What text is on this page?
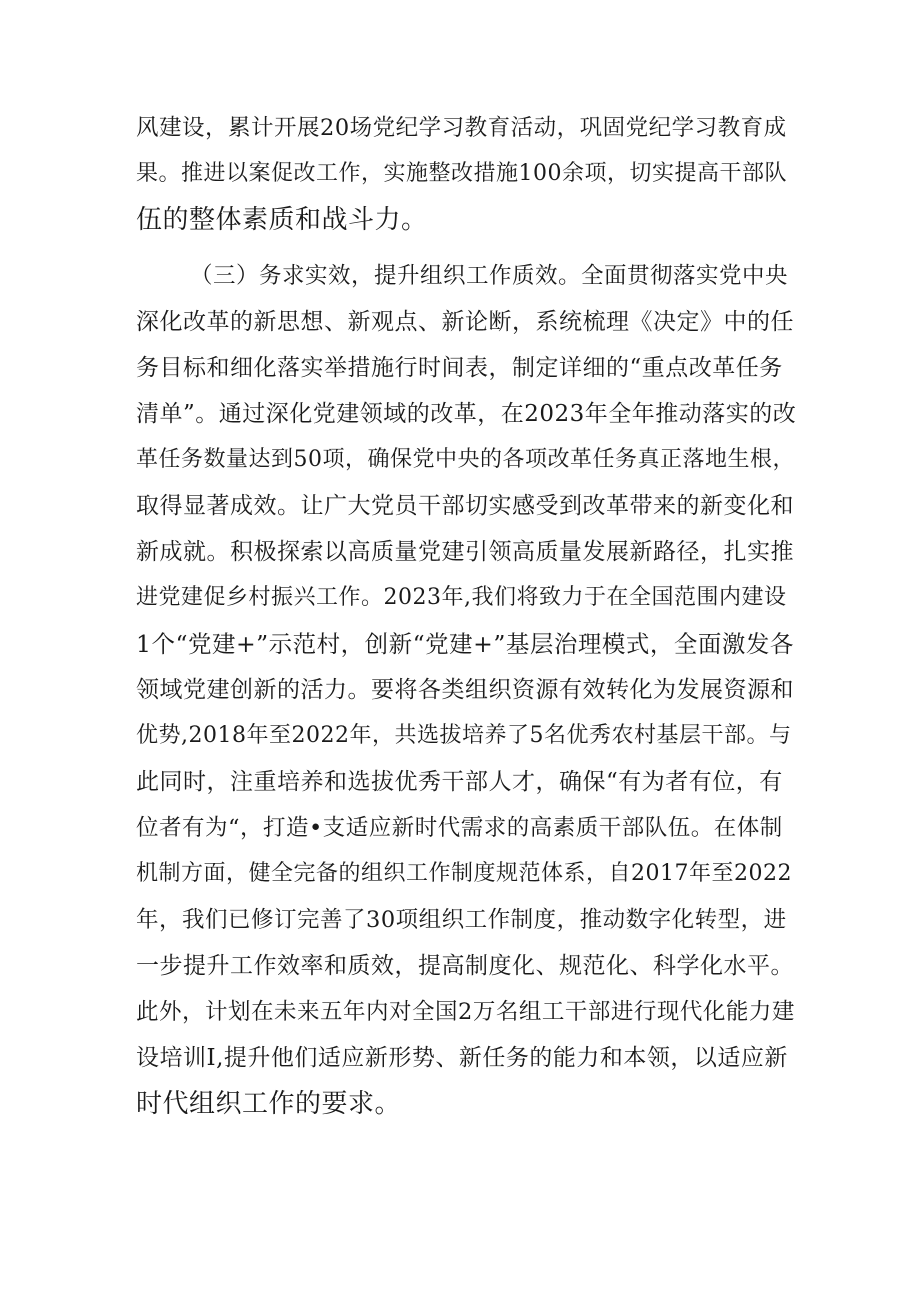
风建设，累计开展20场党纪学习教育活动，巩固党纪学习教育成
果。推进以案促改工作，实施整改措施100余项，切实提高干部队
伍的整体素质和战斗力。
（三）务求实效，提升组织工作质效。全面贯彻落实党中央
深化改革的新思想、新观点、新论断，系统梳理《决定》中的任
务目标和细化落实举措施行时间表，制定详细的“重点改革任务
清单”。通过深化党建领域的改革，在2023年全年推动落实的改
革任务数量达到50项，确保党中央的各项改革任务真正落地生根，
取得显著成效。让广大党员干部切实感受到改革带来的新变化和
新成就。积极探索以高质量党建引领高质量发展新路径，扎实推
进党建促乡村振兴工作。2023年,我们将致力于在全国范围内建设
1个“党建+”示范村，创新“党建+”基层治理模式，全面激发各
领域党建创新的活力。要将各类组织资源有效转化为发展资源和
优势,2018年至2022年，共选拔培养了5名优秀农村基层干部。与
此同时，注重培养和选拔优秀干部人才，确保“有为者有位，有
位者有为“，打造•支适应新时代需求的高素质干部队伍。在体制
机制方面，健全完备的组织工作制度规范体系，自2017年至2022
年，我们已修订完善了30项组织工作制度，推动数字化转型，进
一步提升工作效率和质效，提高制度化、规范化、科学化水平。
此外，计划在未来五年内对全国2万名组工干部进行现代化能力建
设培训I,提升他们适应新形势、新任务的能力和本领，以适应新
时代组织工作的要求。
